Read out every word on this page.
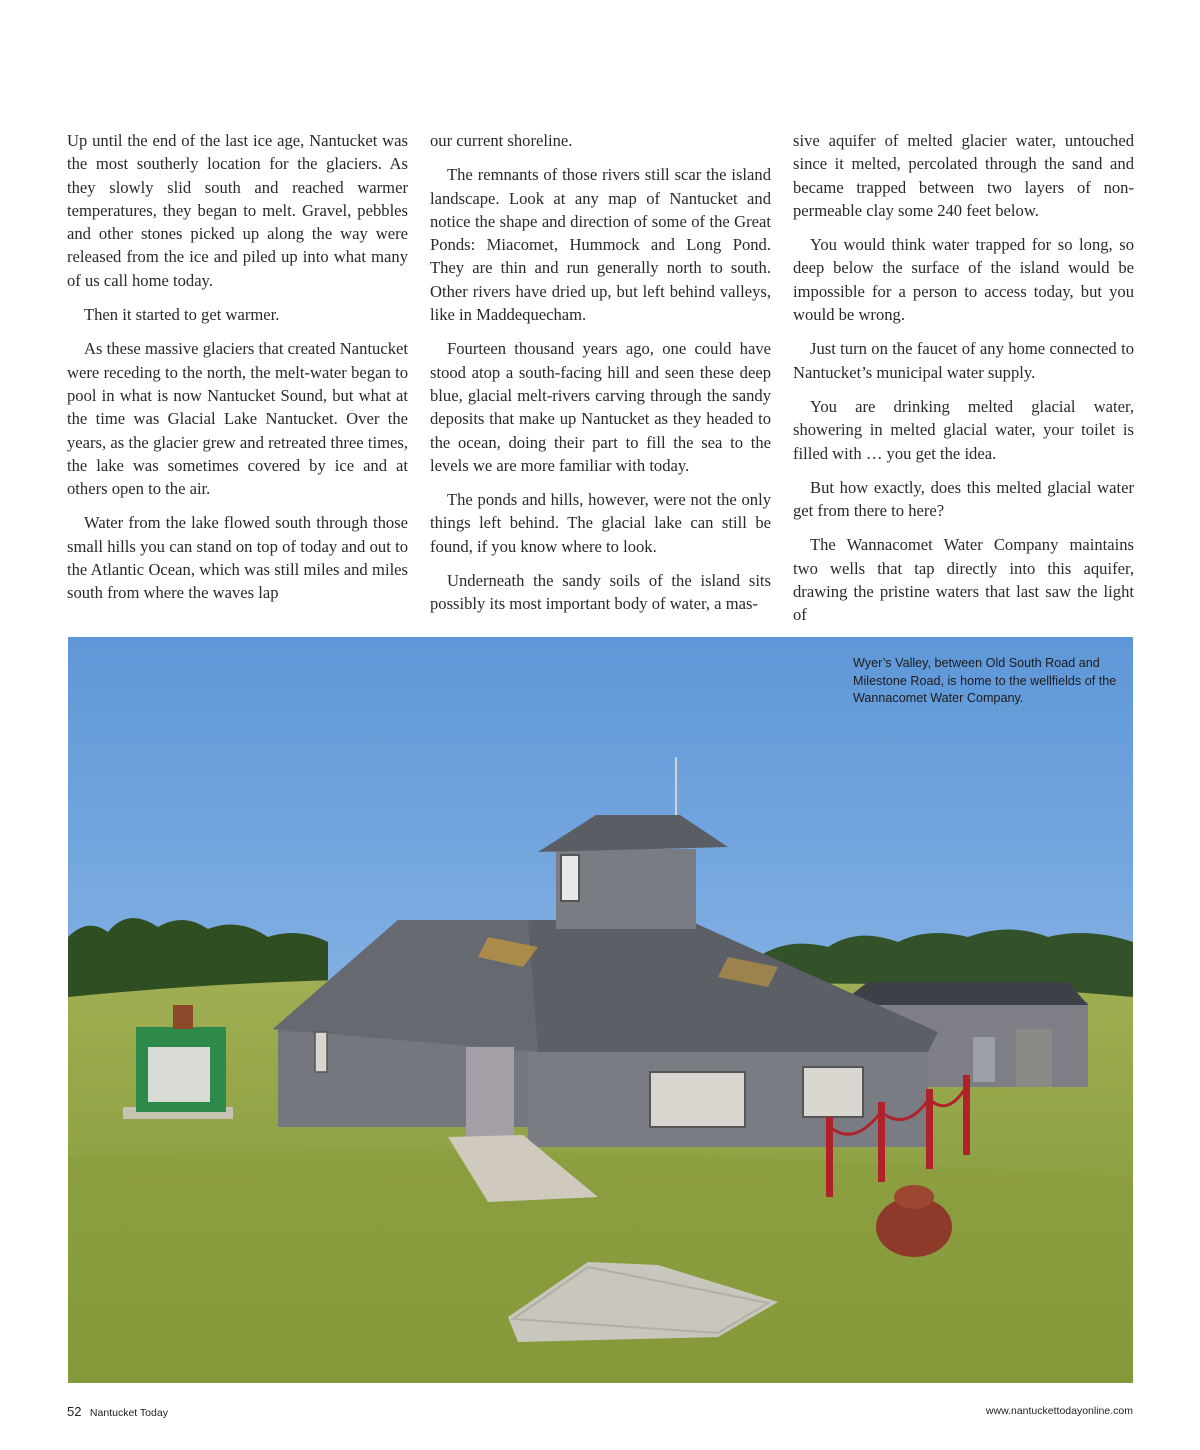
Up until the end of the last ice age, Nantucket was the most southerly location for the glaciers. As they slowly slid south and reached warmer temperatures, they began to melt. Gravel, pebbles and other stones picked up along the way were released from the ice and piled up into what many of us call home today.

Then it started to get warmer.

As these massive glaciers that created Nantucket were receding to the north, the melt-water began to pool in what is now Nantucket Sound, but what at the time was Glacial Lake Nantucket. Over the years, as the glacier grew and retreated three times, the lake was sometimes covered by ice and at others open to the air.

Water from the lake flowed south through those small hills you can stand on top of today and out to the Atlantic Ocean, which was still miles and miles south from where the waves lap

our current shoreline.

The remnants of those rivers still scar the island landscape. Look at any map of Nantucket and notice the shape and direction of some of the Great Ponds: Miacomet, Hummock and Long Pond. They are thin and run generally north to south. Other rivers have dried up, but left behind valleys, like in Maddequecham.

Fourteen thousand years ago, one could have stood atop a south-facing hill and seen these deep blue, glacial melt-rivers carving through the sandy deposits that make up Nantucket as they headed to the ocean, doing their part to fill the sea to the levels we are more familiar with today.

The ponds and hills, however, were not the only things left behind. The glacial lake can still be found, if you know where to look.

Underneath the sandy soils of the island sits possibly its most important body of water, a mas-

sive aquifer of melted glacier water, untouched since it melted, percolated through the sand and became trapped between two layers of non-permeable clay some 240 feet below.

You would think water trapped for so long, so deep below the surface of the island would be impossible for a person to access today, but you would be wrong.

Just turn on the faucet of any home connected to Nantucket’s municipal water supply.

You are drinking melted glacial water, showering in melted glacial water, your toilet is filled with … you get the idea.

But how exactly, does this melted glacial water get from there to here?

The Wannacomet Water Company maintains two wells that tap directly into this aquifer, drawing the pristine waters that last saw the light of

Wyer’s Valley, between Old South Road and Milestone Road, is home to the wellfields of the Wannacomet Water Company.
52 Nantucket Today	www.nantuckettodayonline.com
